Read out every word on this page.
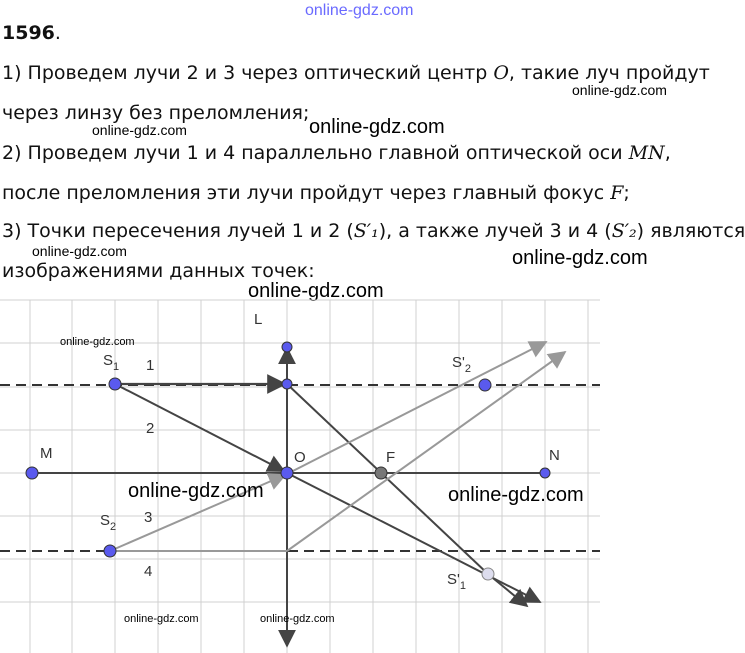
online-gdz.com
1596.
1) Проведем лучи 2 и 3 через оптический центр O, такие луч пройдут
через линзу без преломления;
2) Проведем лучи 1 и 4 параллельно главной оптической оси MN,
после преломления эти лучи пройдут через главный фокус F;
3) Точки пересечения лучей 1 и 2 (S′₁), а также лучей 3 и 4 (S′₂) являются
изображениями данных точек:
online-gdz.com
online-gdz.com	online-gdz.com
online-gdz.com	online-gdz.com
online-gdz.com
L
M	N
O	F
$S_1$
$S_2$
$S'_2$
$S'_1$
1
2
3
4
online-gdz.com
online-gdz.com	online-gdz.com
online-gdz.com	online-gdz.com
